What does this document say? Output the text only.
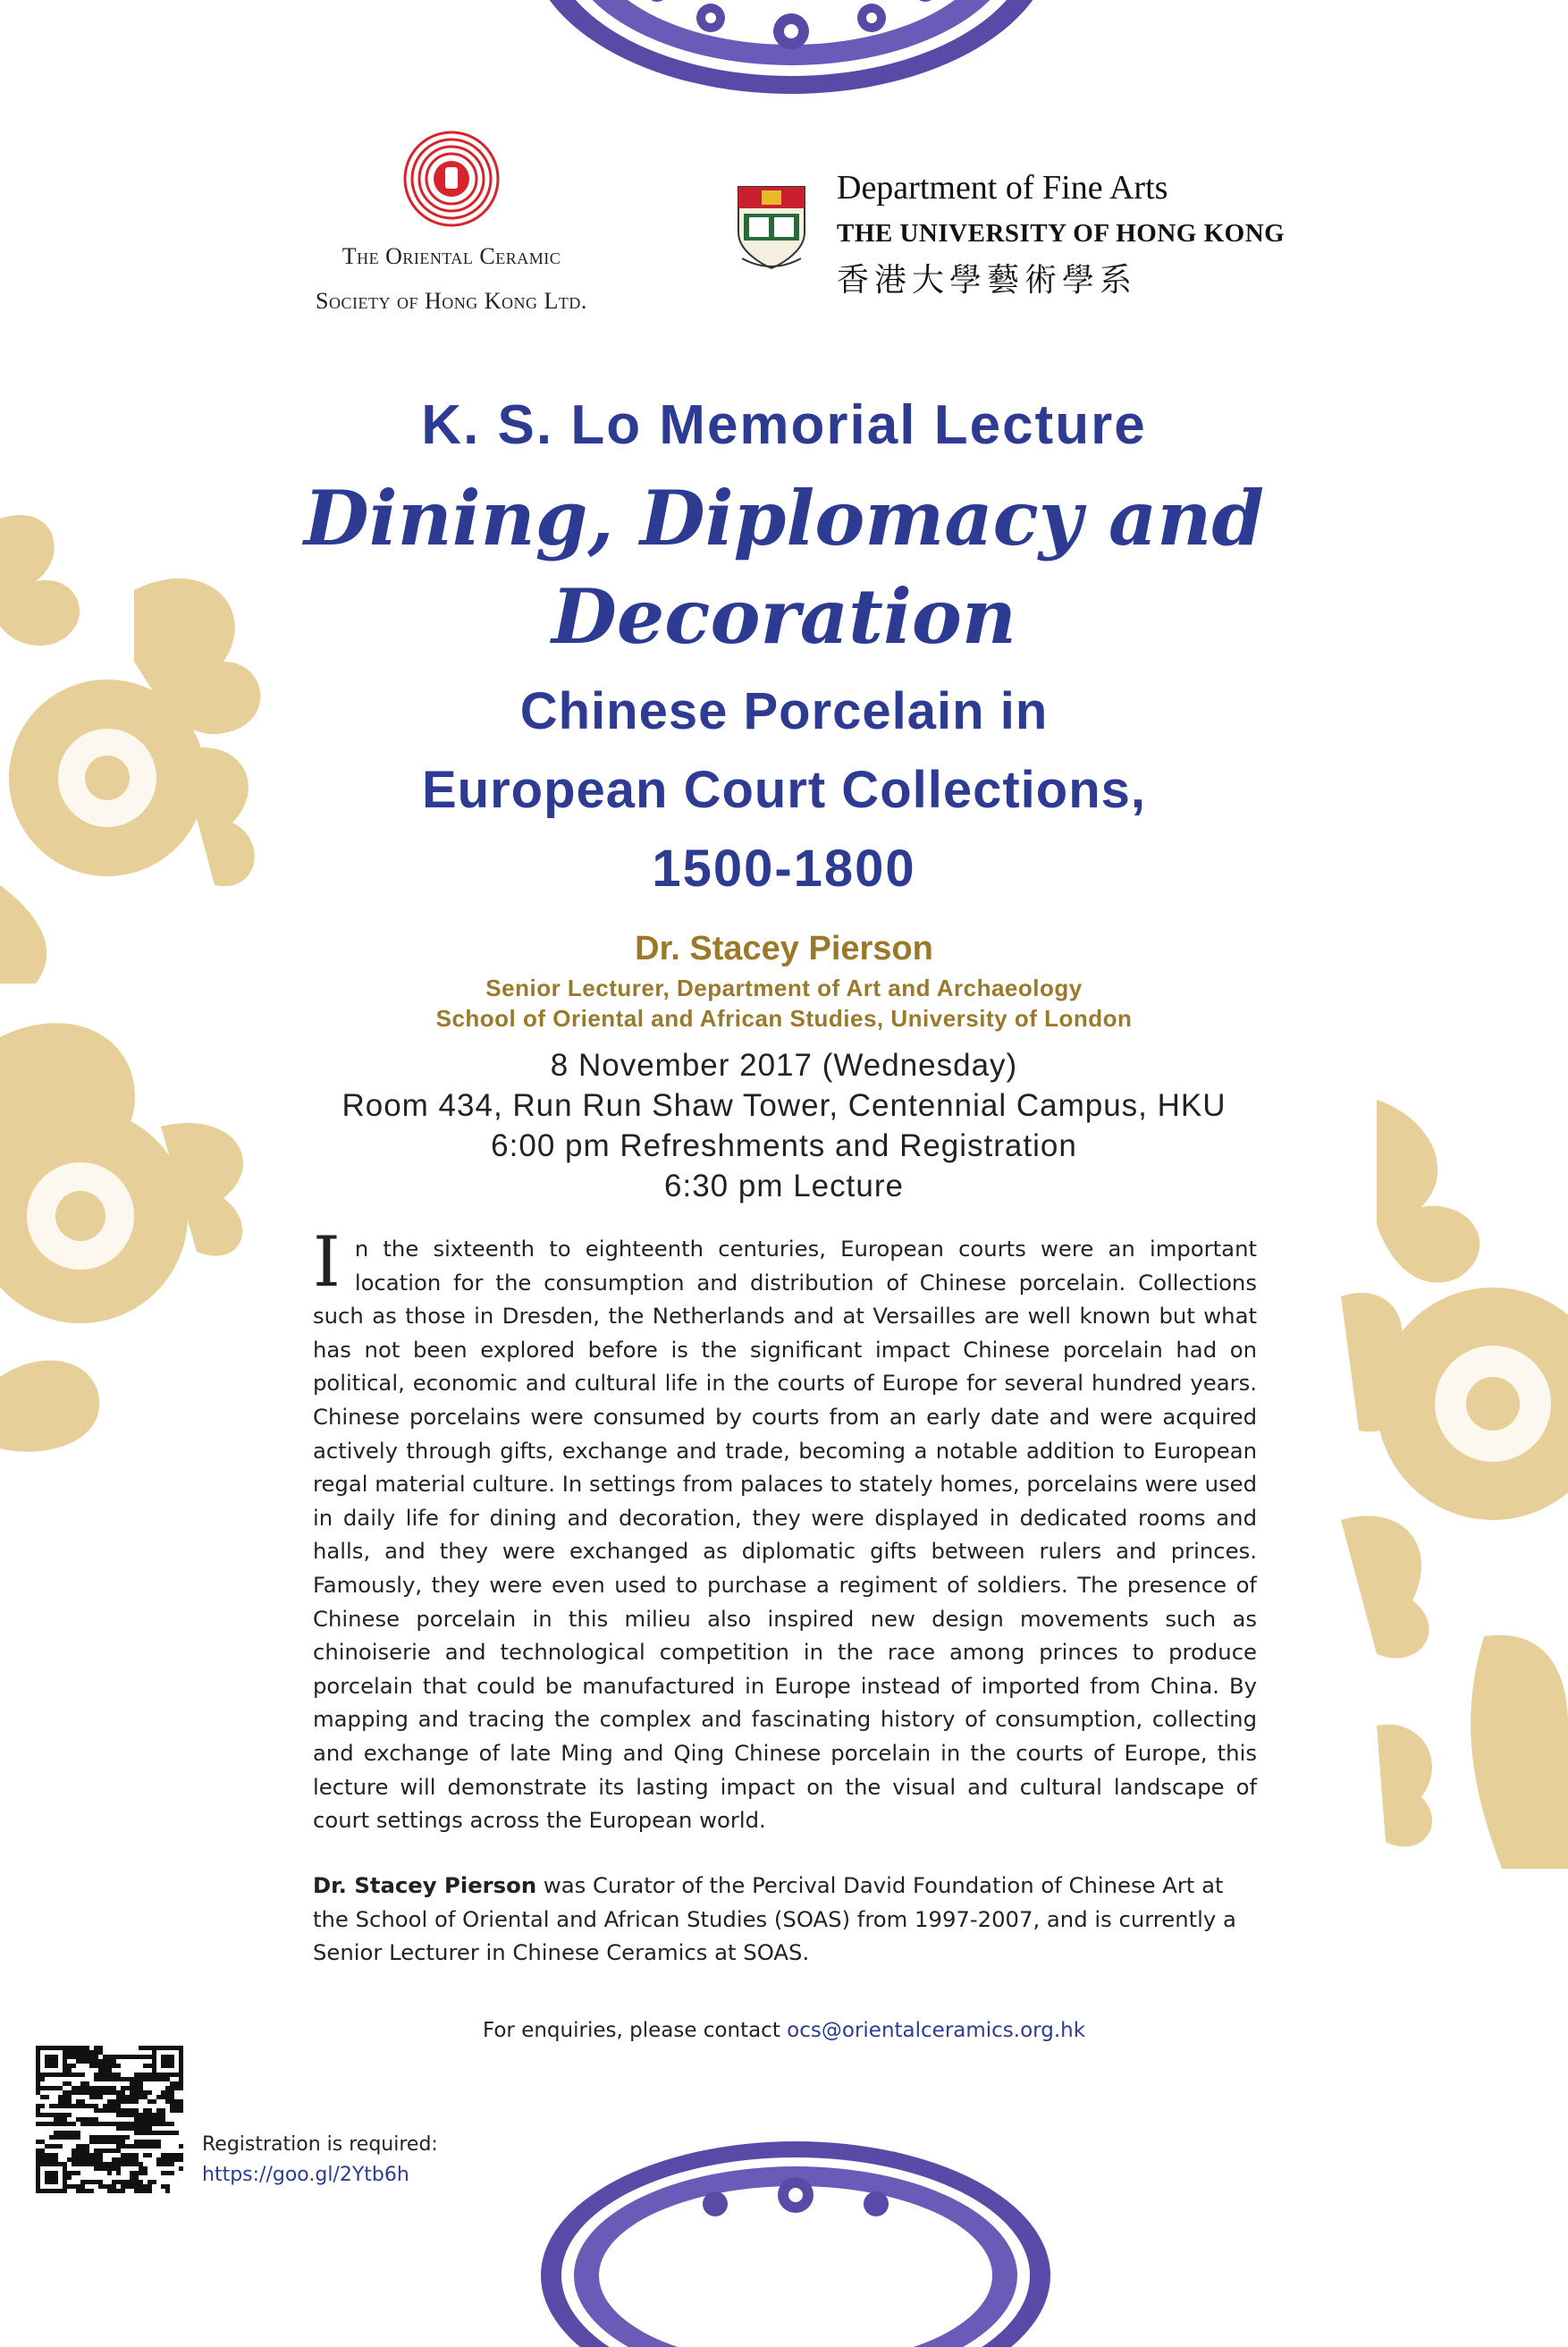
The Oriental Ceramic
Society of Hong Kong Ltd.
Department of Fine Arts
THE UNIVERSITY OF HONG KONG
香港大學藝術學系
K. S. Lo Memorial Lecture
Dining, Diplomacy and
Decoration
Chinese Porcelain in
European Court Collections,
1500-1800
Dr. Stacey Pierson
Senior Lecturer, Department of Art and Archaeology
School of Oriental and African Studies, University of London
8 November 2017 (Wednesday)
Room 434, Run Run Shaw Tower, Centennial Campus, HKU
6:00 pm Refreshments and Registration
6:30 pm Lecture
In the sixteenth to eighteenth centuries, European courts were an important location for the consumption and distribution of Chinese porcelain. Collections such as those in Dresden, the Netherlands and at Versailles are well known but what has not been explored before is the significant impact Chinese porcelain had on political, economic and cultural life in the courts of Europe for several hundred years. Chinese porcelains were consumed by courts from an early date and were acquired actively through gifts, exchange and trade, becoming a notable addition to European regal material culture. In settings from palaces to stately homes, porcelains were used in daily life for dining and decoration, they were displayed in dedicated rooms and halls, and they were exchanged as diplomatic gifts between rulers and princes. Famously, they were even used to purchase a regiment of soldiers. The presence of Chinese porcelain in this milieu also inspired new design movements such as chinoiserie and technological competition in the race among princes to produce porcelain that could be manufactured in Europe instead of imported from China. By mapping and tracing the complex and fascinating history of consumption, collecting and exchange of late Ming and Qing Chinese porcelain in the courts of Europe, this lecture will demonstrate its lasting impact on the visual and cultural landscape of court settings across the European world.
Dr. Stacey Pierson was Curator of the Percival David Foundation of Chinese Art at the School of Oriental and African Studies (SOAS) from 1997-2007, and is currently a Senior Lecturer in Chinese Ceramics at SOAS.
For enquiries, please contact ocs@orientalceramics.org.hk
Registration is required:
https://goo.gl/2Ytb6h
